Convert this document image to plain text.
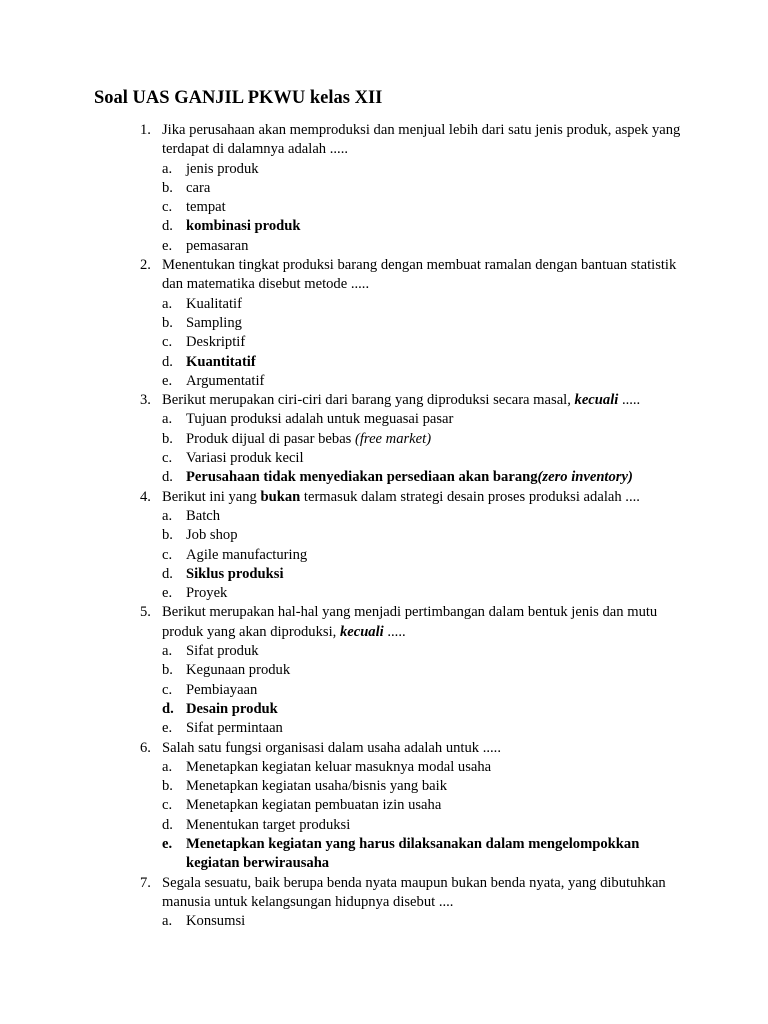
Soal UAS GANJIL PKWU kelas XII
1. Jika perusahaan akan memproduksi dan menjual lebih dari satu jenis produk, aspek yang terdapat di dalamnya adalah .....
a. jenis produk
b. cara
c. tempat
d. kombinasi produk
e. pemasaran
2. Menentukan tingkat produksi barang dengan membuat ramalan dengan bantuan statistik dan matematika disebut metode .....
a. Kualitatif
b. Sampling
c. Deskriptif
d. Kuantitatif
e. Argumentatif
3. Berikut merupakan ciri-ciri dari barang yang diproduksi secara masal, kecuali .....
a. Tujuan produksi adalah untuk meguasai pasar
b. Produk dijual di pasar bebas (free market)
c. Variasi produk kecil
d. Perusahaan tidak menyediakan persediaan akan barang(zero inventory)
4. Berikut ini yang bukan termasuk dalam strategi desain proses produksi adalah ....
a. Batch
b. Job shop
c. Agile manufacturing
d. Siklus produksi
e. Proyek
5. Berikut merupakan hal-hal yang menjadi pertimbangan dalam bentuk jenis dan mutu produk yang akan diproduksi, kecuali .....
a. Sifat produk
b. Kegunaan produk
c. Pembiayaan
d. Desain produk
e. Sifat permintaan
6. Salah satu fungsi organisasi dalam usaha adalah untuk .....
a. Menetapkan kegiatan keluar masuknya modal usaha
b. Menetapkan kegiatan usaha/bisnis yang baik
c. Menetapkan kegiatan pembuatan izin usaha
d. Menentukan target produksi
e. Menetapkan kegiatan yang harus dilaksanakan dalam mengelompokkan kegiatan berwirausaha
7. Segala sesuatu, baik berupa benda nyata maupun bukan benda nyata, yang dibutuhkan manusia untuk kelangsungan hidupnya disebut ....
a. Konsumsi
